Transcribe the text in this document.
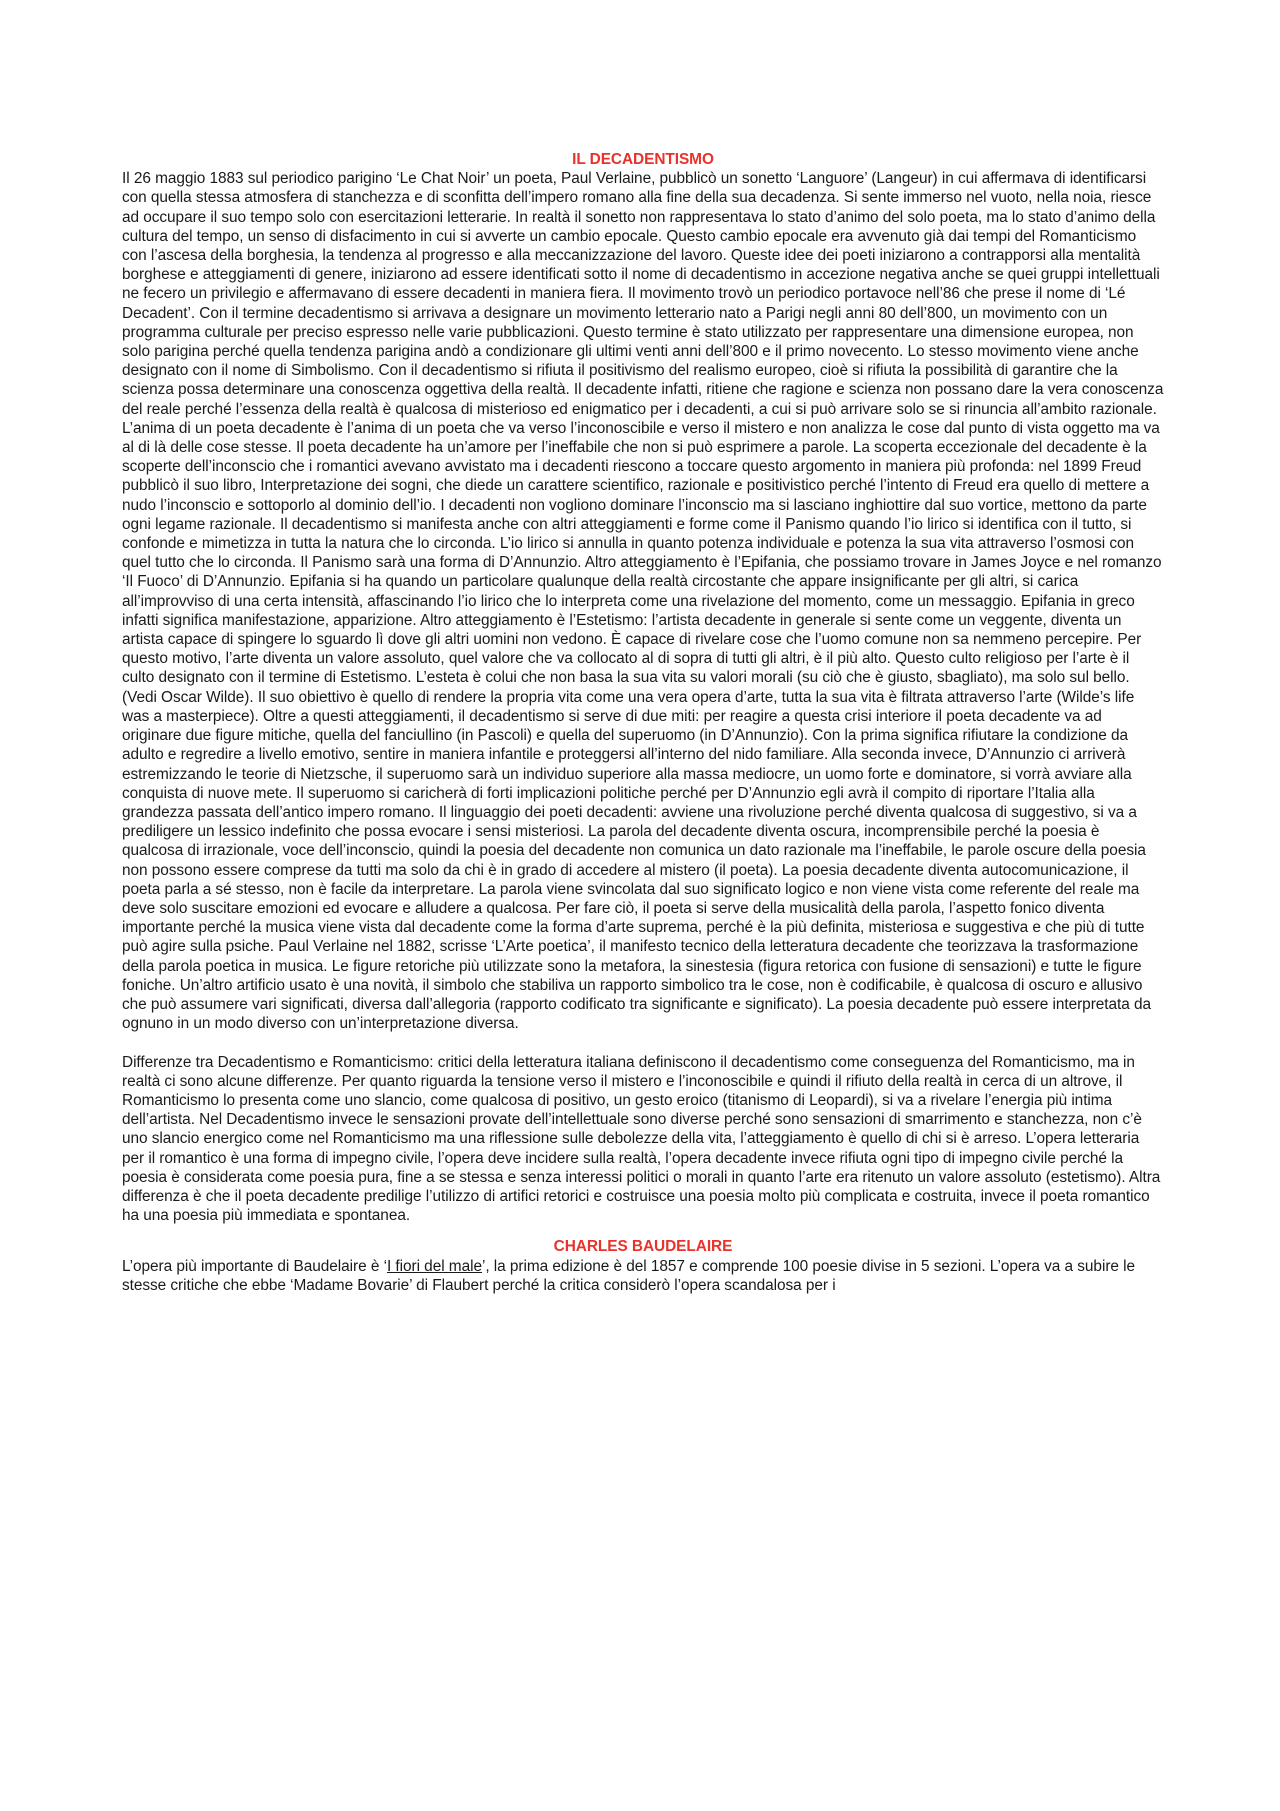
IL DECADENTISMO

Il 26 maggio 1883 sul periodico parigino ‘Le Chat Noir’ un poeta, Paul Verlaine, pubblicò un sonetto ‘Languore’ (Langeur) in cui affermava di identificarsi con quella stessa atmosfera di stanchezza e di sconfitta dell’impero romano alla fine della sua decadenza. Si sente immerso nel vuoto, nella noia, riesce ad occupare il suo tempo solo con esercitazioni letterarie. In realtà il sonetto non rappresentava lo stato d’animo del solo poeta, ma lo stato d’animo della cultura del tempo, un senso di disfacimento in cui si avverte un cambio epocale. Questo cambio epocale era avvenuto già dai tempi del Romanticismo con l’ascesa della borghesia, la tendenza al progresso e alla meccanizzazione del lavoro. Queste idee dei poeti iniziarono a contrapporsi alla mentalità borghese e atteggiamenti di genere, iniziarono ad essere identificati sotto il nome di decadentismo in accezione negativa anche se quei gruppi intellettuali ne fecero un privilegio e affermavano di essere decadenti in maniera fiera. Il movimento trovò un periodico portavoce nell’86 che prese il nome di ‘Lé Decadent’. Con il termine decadentismo si arrivava a designare un movimento letterario nato a Parigi negli anni 80 dell’800, un movimento con un programma culturale per preciso espresso nelle varie pubblicazioni. Questo termine è stato utilizzato per rappresentare una dimensione europea, non solo parigina perché quella tendenza parigina andò a condizionare gli ultimi venti anni dell’800 e il primo novecento. Lo stesso movimento viene anche designato con il nome di Simbolismo. Con il decadentismo si rifiuta il positivismo del realismo europeo, cioè si rifiuta la possibilità di garantire che la scienza possa determinare una conoscenza oggettiva della realtà. Il decadente infatti, ritiene che ragione e scienza non possano dare la vera conoscenza del reale perché l’essenza della realtà è qualcosa di misterioso ed enigmatico per i decadenti, a cui si può arrivare solo se si rinuncia all’ambito razionale. L’anima di un poeta decadente è l’anima di un poeta che va verso l’inconoscibile e verso il mistero e non analizza le cose dal punto di vista oggetto ma va al di là delle cose stesse. Il poeta decadente ha un’amore per l’ineffabile che non si può esprimere a parole. La scoperta eccezionale del decadente è la scoperte dell’inconscio che i romantici avevano avvistato ma i decadenti riescono a toccare questo argomento in maniera più profonda: nel 1899 Freud pubblicò il suo libro, Interpretazione dei sogni, che diede un carattere scientifico, razionale e positivistico perché l’intento di Freud era quello di mettere a nudo l’inconscio e sottoporlo al dominio dell’io. I decadenti non vogliono dominare l’inconscio ma si lasciano inghiottire dal suo vortice, mettono da parte ogni legame razionale. Il decadentismo si manifesta anche con altri atteggiamenti e forme come il Panismo quando l’io lirico si identifica con il tutto, si confonde e mimetizza in tutta la natura che lo circonda. L’io lirico si annulla in quanto potenza individuale e potenza la sua vita attraverso l’osmosi con quel tutto che lo circonda. Il Panismo sarà una forma di D’Annunzio. Altro atteggiamento è l’Epifania, che possiamo trovare in James Joyce e nel romanzo ‘Il Fuoco’ di D’Annunzio. Epifania si ha quando un particolare qualunque della realtà circostante che appare insignificante per gli altri, si carica all’improvviso di una certa intensità, affascinando l’io lirico che lo interpreta come una rivelazione del momento, come un messaggio. Epifania in greco infatti significa manifestazione, apparizione. Altro atteggiamento è l’Estetismo: l’artista decadente in generale si sente come un veggente, diventa un artista capace di spingere lo sguardo lì dove gli altri uomini non vedono. È capace di rivelare cose che l’uomo comune non sa nemmeno percepire. Per questo motivo, l’arte diventa un valore assoluto, quel valore che va collocato al di sopra di tutti gli altri, è il più alto. Questo culto religioso per l’arte è il culto designato con il termine di Estetismo. L’esteta è colui che non basa la sua vita su valori morali (su ciò che è giusto, sbagliato), ma solo sul bello. (Vedi Oscar Wilde). Il suo obiettivo è quello di rendere la propria vita come una vera opera d’arte, tutta la sua vita è filtrata attraverso l’arte (Wilde’s life was a masterpiece). Oltre a questi atteggiamenti, il decadentismo si serve di due miti: per reagire a questa crisi interiore il poeta decadente va ad originare due figure mitiche, quella del fanciullino (in Pascoli) e quella del superuomo (in D’Annunzio). Con la prima significa rifiutare la condizione da adulto e regredire a livello emotivo, sentire in maniera infantile e proteggersi all’interno del nido familiare. Alla seconda invece, D’Annunzio ci arriverà estremizzando le teorie di Nietzsche, il superuomo sarà un individuo superiore alla massa mediocre, un uomo forte e dominatore, si vorrà avviare alla conquista di nuove mete. Il superuomo si caricherà di forti implicazioni politiche perché per D’Annunzio egli avrà il compito di riportare l’Italia alla grandezza passata dell’antico impero romano. Il linguaggio dei poeti decadenti: avviene una rivoluzione perché diventa qualcosa di suggestivo, si va a prediligere un lessico indefinito che possa evocare i sensi misteriosi. La parola del decadente diventa oscura, incomprensibile perché la poesia è qualcosa di irrazionale, voce dell’inconscio, quindi la poesia del decadente non comunica un dato razionale ma l’ineffabile, le parole oscure della poesia non possono essere comprese da tutti ma solo da chi è in grado di accedere al mistero (il poeta). La poesia decadente diventa autocomunicazione, il poeta parla a sé stesso, non è facile da interpretare. La parola viene svincolata dal suo significato logico e non viene vista come referente del reale ma deve solo suscitare emozioni ed evocare e alludere a qualcosa. Per fare ciò, il poeta si serve della musicalità della parola, l’aspetto fonico diventa importante perché la musica viene vista dal decadente come la forma d’arte suprema, perché è la più definita, misteriosa e suggestiva e che più di tutte può agire sulla psiche. Paul Verlaine nel 1882, scrisse ‘L’Arte poetica’, il manifesto tecnico della letteratura decadente che teorizzava la trasformazione della parola poetica in musica. Le figure retoriche più utilizzate sono la metafora, la sinestesia (figura retorica con fusione di sensazioni) e tutte le figure foniche. Un’altro artificio usato è una novità, il simbolo che stabiliva un rapporto simbolico tra le cose, non è codificabile, è qualcosa di oscuro e allusivo che può assumere vari significati, diversa dall’allegoria (rapporto codificato tra significante e significato). La poesia decadente può essere interpretata da ognuno in un modo diverso con un’interpretazione diversa.

Differenze tra Decadentismo e Romanticismo: critici della letteratura italiana definiscono il decadentismo come conseguenza del Romanticismo, ma in realtà ci sono alcune differenze. Per quanto riguarda la tensione verso il mistero e l’inconoscibile e quindi il rifiuto della realtà in cerca di un altrove, il Romanticismo lo presenta come uno slancio, come qualcosa di positivo, un gesto eroico (titanismo di Leopardi), si va a rivelare l’energia più intima dell’artista. Nel Decadentismo invece le sensazioni provate dell’intellettuale sono diverse perché sono sensazioni di smarrimento e stanchezza, non c’è uno slancio energico come nel Romanticismo ma una riflessione sulle debolezze della vita, l’atteggiamento è quello di chi si è arreso. L’opera letteraria per il romantico è una forma di impegno civile, l’opera deve incidere sulla realtà, l’opera decadente invece rifiuta ogni tipo di impegno civile perché la poesia è considerata come poesia pura, fine a se stessa e senza interessi politici o morali in quanto l’arte era ritenuto un valore assoluto (estetismo). Altra differenza è che il poeta decadente predilige l’utilizzo di artifici retorici e costruisce una poesia molto più complicata e costruita, invece il poeta romantico ha una poesia più immediata e spontanea.

CHARLES BAUDELAIRE

L’opera più importante di Baudelaire è ‘I fiori del male’, la prima edizione è del 1857 e comprende 100 poesie divise in 5 sezioni. L’opera va a subire le stesse critiche che ebbe ‘Madame Bovarie’ di Flaubert perché la critica considerò l’opera scandalosa per i
